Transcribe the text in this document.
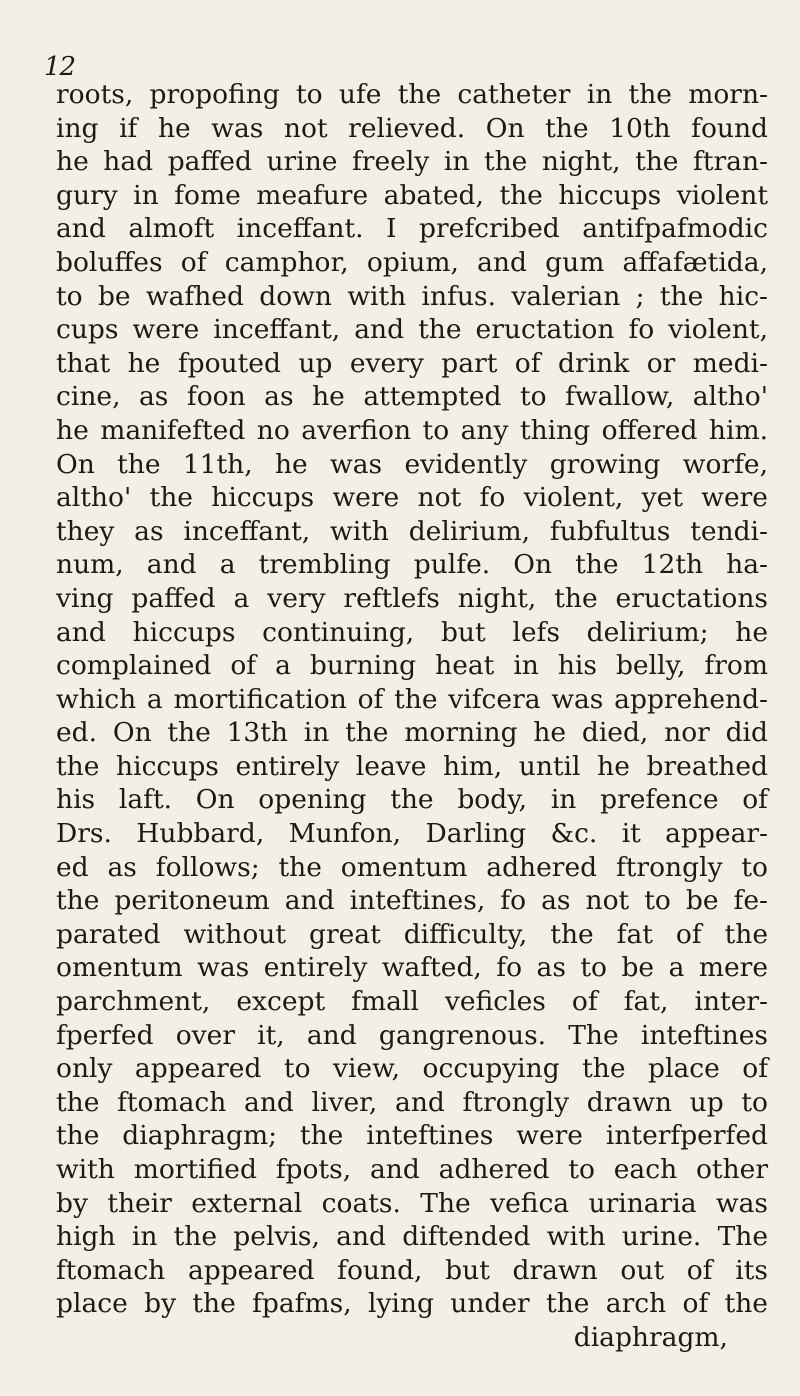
12
roots, propofing to ufe the catheter in the morn-
ing if he was not relieved. On the 10th found
he had paffed urine freely in the night, the ftran-
gury in fome meafure abated, the hiccups violent
and almoft inceffant. I prefcribed antifpafmodic
boluffes of camphor, opium, and gum affafætida,
to be wafhed down with infus. valerian ; the hic-
cups were inceffant, and the eructation fo violent,
that he fpouted up every part of drink or medi-
cine, as foon as he attempted to fwallow, altho'
he manifefted no averfion to any thing offered him.
On the 11th, he was evidently growing worfe,
altho' the hiccups were not fo violent, yet were
they as inceffant, with delirium, fubfultus tendi-
num, and a trembling pulfe. On the 12th ha-
ving paffed a very reftlefs night, the eructations
and hiccups continuing, but lefs delirium; he
complained of a burning heat in his belly, from
which a mortification of the vifcera was apprehend-
ed. On the 13th in the morning he died, nor did
the hiccups entirely leave him, until he breathed
his laft. On opening the body, in prefence of
Drs. Hubbard, Munfon, Darling &c. it appear-
ed as follows; the omentum adhered ftrongly to
the peritoneum and inteftines, fo as not to be fe-
parated without great difficulty, the fat of the
omentum was entirely wafted, fo as to be a mere
parchment, except fmall veficles of fat, inter-
fperfed over it, and gangrenous. The inteftines
only appeared to view, occupying the place of
the ftomach and liver, and ftrongly drawn up to
the diaphragm; the inteftines were interfperfed
with mortified fpots, and adhered to each other
by their external coats. The vefica urinaria was
high in the pelvis, and diftended with urine. The
ftomach appeared found, but drawn out of its
place by the fpafms, lying under the arch of the
diaphragm,
